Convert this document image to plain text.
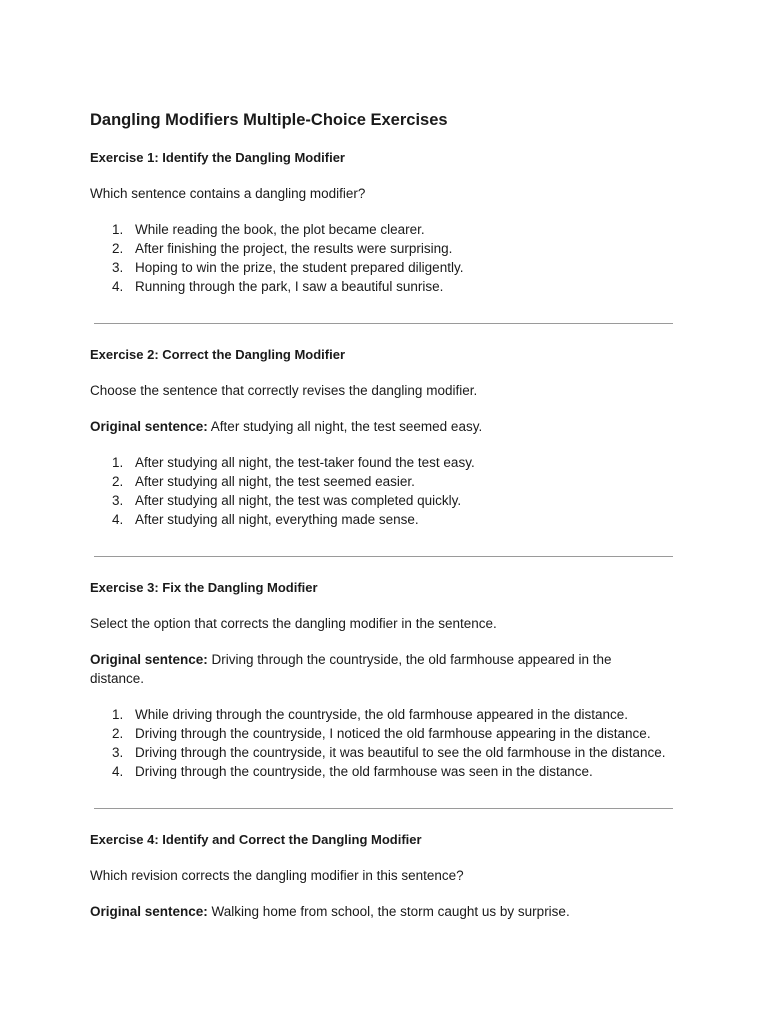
Dangling Modifiers Multiple-Choice Exercises
Exercise 1: Identify the Dangling Modifier

Which sentence contains a dangling modifier?

1. While reading the book, the plot became clearer.
2. After finishing the project, the results were surprising.
3. Hoping to win the prize, the student prepared diligently.
4. Running through the park, I saw a beautiful sunrise.
Exercise 2: Correct the Dangling Modifier

Choose the sentence that correctly revises the dangling modifier.

Original sentence: After studying all night, the test seemed easy.

1. After studying all night, the test-taker found the test easy.
2. After studying all night, the test seemed easier.
3. After studying all night, the test was completed quickly.
4. After studying all night, everything made sense.
Exercise 3: Fix the Dangling Modifier

Select the option that corrects the dangling modifier in the sentence.

Original sentence: Driving through the countryside, the old farmhouse appeared in the distance.

1. While driving through the countryside, the old farmhouse appeared in the distance.
2. Driving through the countryside, I noticed the old farmhouse appearing in the distance.
3. Driving through the countryside, it was beautiful to see the old farmhouse in the distance.
4. Driving through the countryside, the old farmhouse was seen in the distance.
Exercise 4: Identify and Correct the Dangling Modifier

Which revision corrects the dangling modifier in this sentence?

Original sentence: Walking home from school, the storm caught us by surprise.
